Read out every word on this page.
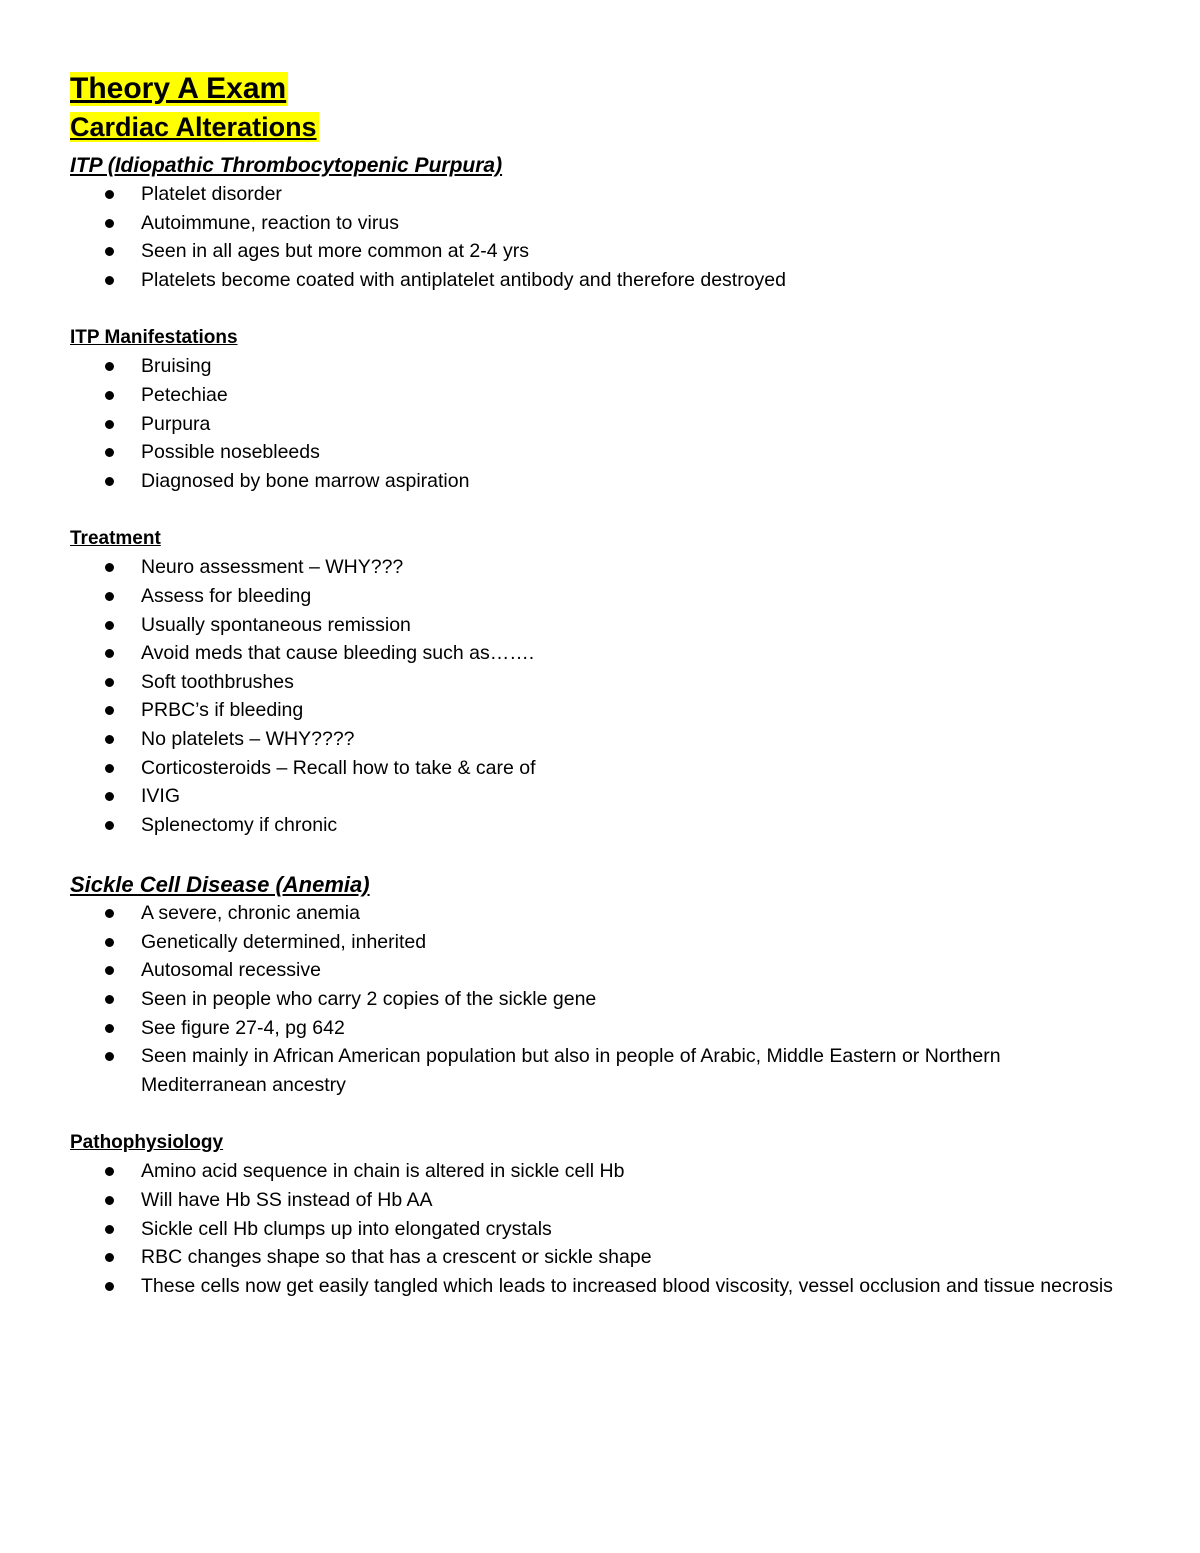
Theory A Exam
Cardiac Alterations
ITP (Idiopathic Thrombocytopenic Purpura)
Platelet disorder
Autoimmune, reaction to virus
Seen in all ages but more common at 2-4 yrs
Platelets become coated with antiplatelet antibody and therefore destroyed
ITP Manifestations
Bruising
Petechiae
Purpura
Possible nosebleeds
Diagnosed by bone marrow aspiration
Treatment
Neuro assessment – WHY???
Assess for bleeding
Usually spontaneous remission
Avoid meds that cause bleeding such as…….
Soft toothbrushes
PRBC’s if bleeding
No platelets – WHY????
Corticosteroids – Recall how to take & care of
IVIG
Splenectomy if chronic
Sickle Cell Disease (Anemia)
A severe, chronic anemia
Genetically determined, inherited
Autosomal recessive
Seen in people who carry 2 copies of the sickle gene
See figure 27-4, pg 642
Seen mainly in African American population but also in people of Arabic, Middle Eastern or Northern Mediterranean ancestry
Pathophysiology
Amino acid sequence in chain is altered in sickle cell Hb
Will have Hb SS instead of Hb AA
Sickle cell Hb clumps up into elongated crystals
RBC changes shape so that has a crescent or sickle shape
These cells now get easily tangled which leads to increased blood viscosity, vessel occlusion and tissue necrosis
